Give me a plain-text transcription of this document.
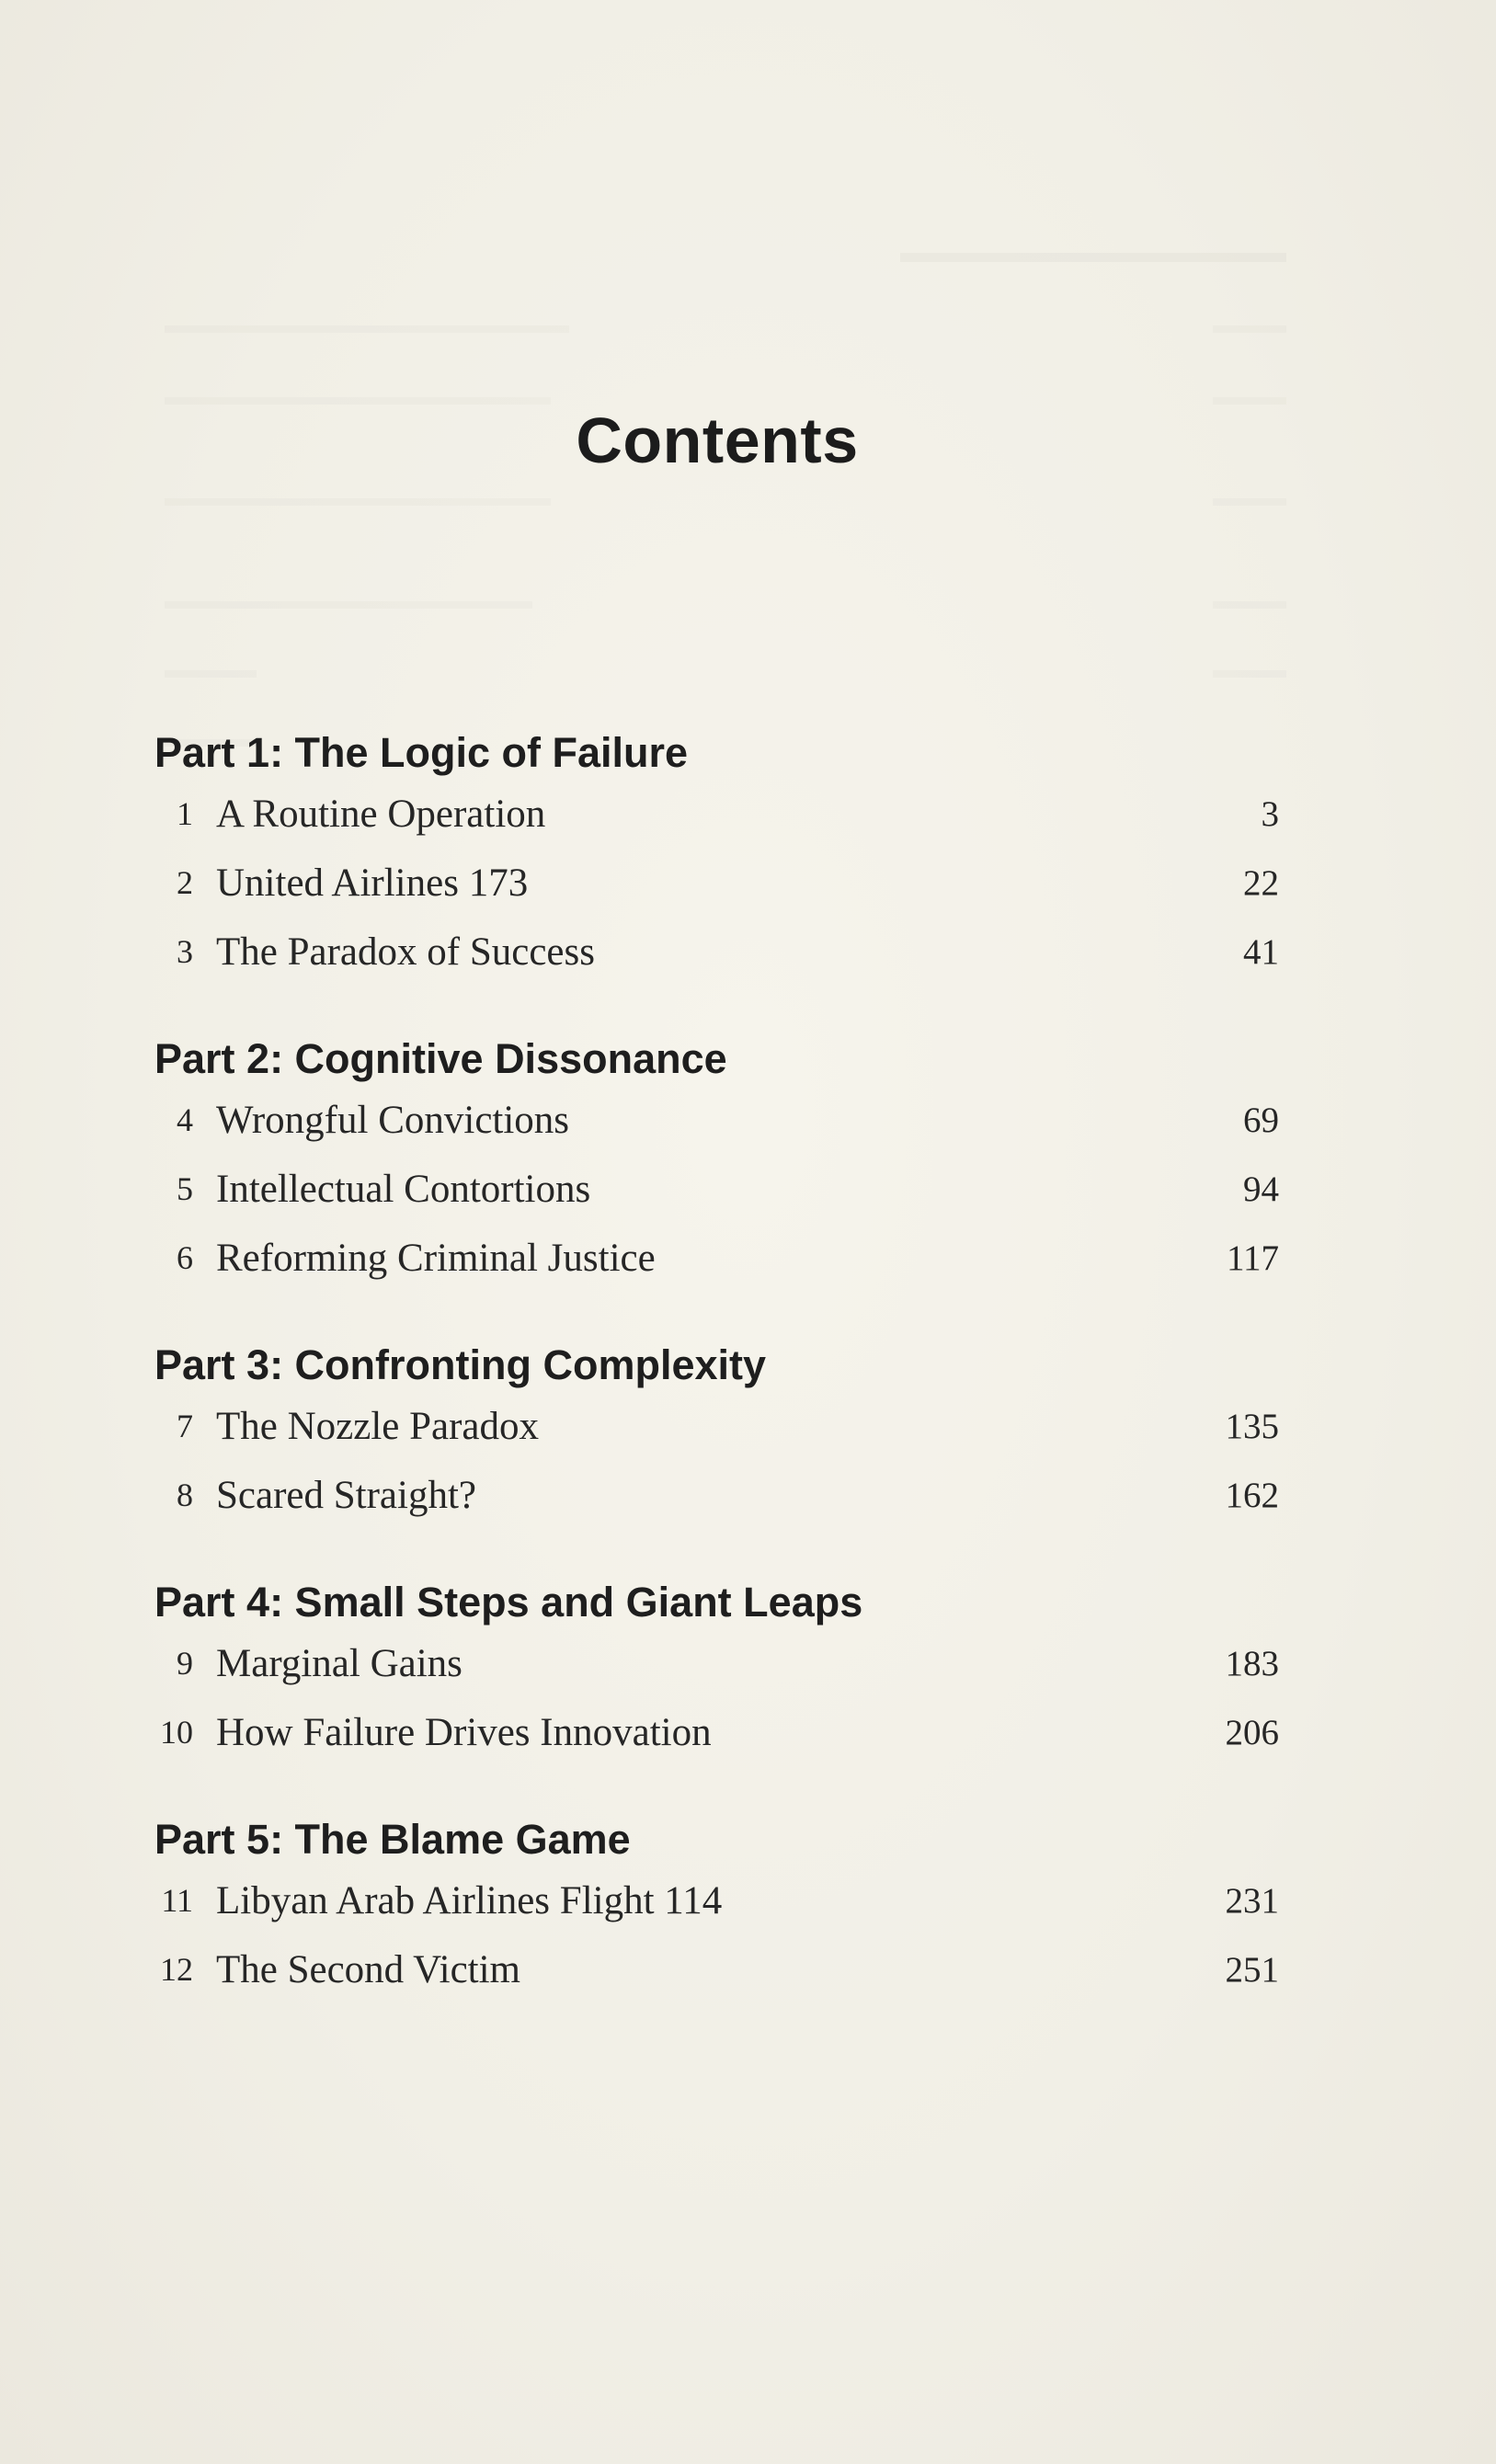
Contents
Part 1: The Logic of Failure
1 A Routine Operation	3
2 United Airlines 173	22
3 The Paradox of Success	41
Part 2: Cognitive Dissonance
4 Wrongful Convictions	69
5 Intellectual Contortions	94
6 Reforming Criminal Justice	117
Part 3: Confronting Complexity
7 The Nozzle Paradox	135
8 Scared Straight?	162
Part 4: Small Steps and Giant Leaps
9 Marginal Gains	183
10 How Failure Drives Innovation	206
Part 5: The Blame Game
11 Libyan Arab Airlines Flight 114	231
12 The Second Victim	251
